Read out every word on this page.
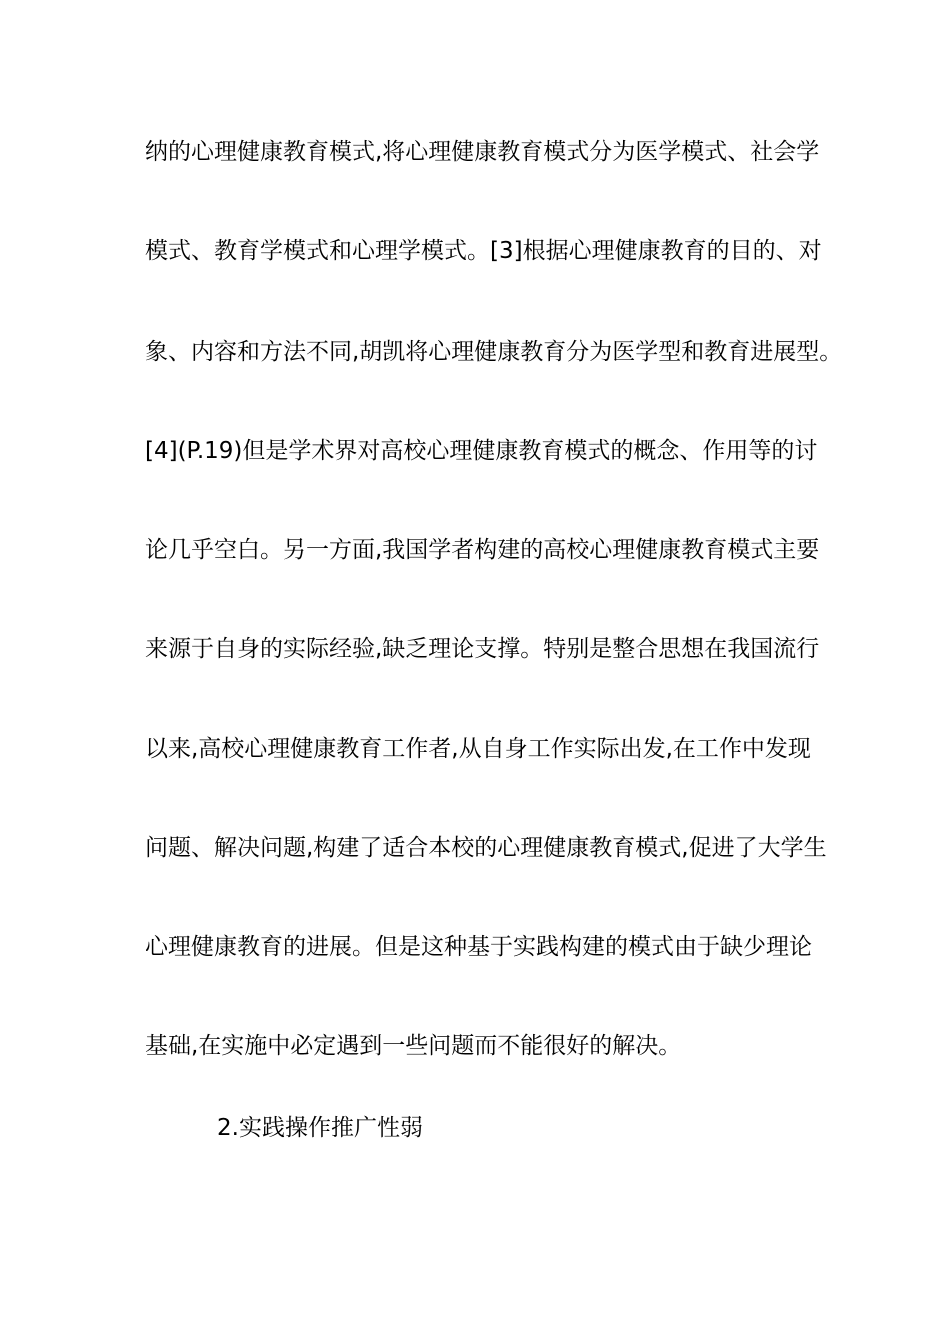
纳的心理健康教育模式,将心理健康教育模式分为医学模式、社会学
模式、教育学模式和心理学模式。[3]根据心理健康教育的目的、对
象、内容和方法不同,胡凯将心理健康教育分为医学型和教育进展型。
[4](P.19)但是学术界对高校心理健康教育模式的概念、作用等的讨
论几乎空白。另一方面,我国学者构建的高校心理健康教育模式主要
来源于自身的实际经验,缺乏理论支撑。特别是整合思想在我国流行
以来,高校心理健康教育工作者,从自身工作实际出发,在工作中发现
问题、解决问题,构建了适合本校的心理健康教育模式,促进了大学生
心理健康教育的进展。但是这种基于实践构建的模式由于缺少理论
基础,在实施中必定遇到一些问题而不能很好的解决。
2.实践操作推广性弱
